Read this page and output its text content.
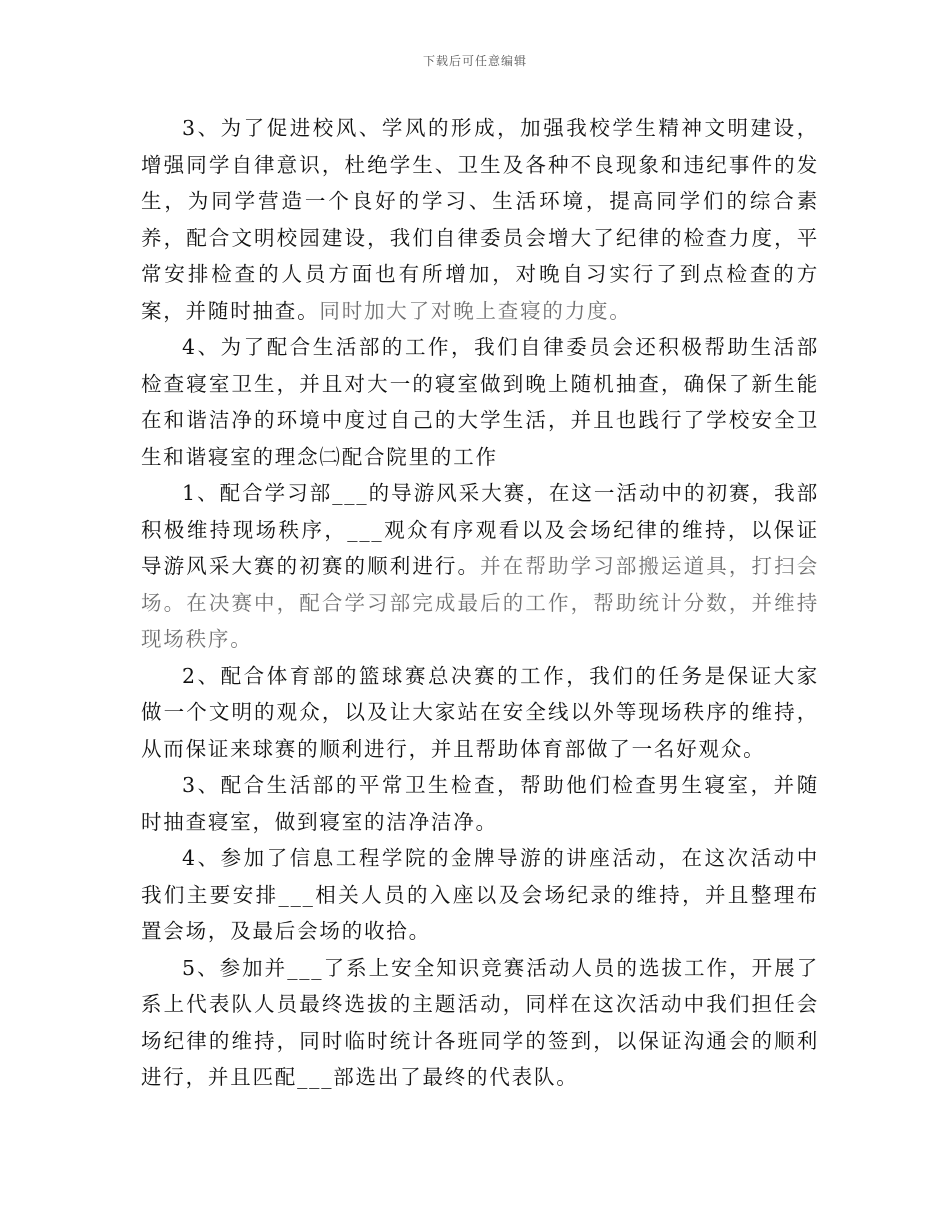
下载后可任意编辑

3、为了促进校风、学风的形成，加强我校学生精神文明建设，增强同学自律意识，杜绝学生、卫生及各种不良现象和违纪事件的发生，为同学营造一个良好的学习、生活环境，提高同学们的综合素养，配合文明校园建设，我们自律委员会增大了纪律的检查力度，平常安排检查的人员方面也有所增加，对晚自习实行了到点检查的方案，并随时抽查。同时加大了对晚上查寝的力度。

4、为了配合生活部的工作，我们自律委员会还积极帮助生活部检查寝室卫生，并且对大一的寝室做到晚上随机抽查，确保了新生能在和谐洁净的环境中度过自己的大学生活，并且也践行了学校安全卫生和谐寝室的理念㈡配合院里的工作

1、配合学习部___的导游风采大赛，在这一活动中的初赛，我部积极维持现场秩序，___观众有序观看以及会场纪律的维持，以保证导游风采大赛的初赛的顺利进行。并在帮助学习部搬运道具，打扫会场。在决赛中，配合学习部完成最后的工作，帮助统计分数，并维持现场秩序。

2、配合体育部的篮球赛总决赛的工作，我们的任务是保证大家做一个文明的观众，以及让大家站在安全线以外等现场秩序的维持，从而保证来球赛的顺利进行，并且帮助体育部做了一名好观众。

3、配合生活部的平常卫生检查，帮助他们检查男生寝室，并随时抽查寝室，做到寝室的洁净洁净。

4、参加了信息工程学院的金牌导游的讲座活动，在这次活动中我们主要安排___相关人员的入座以及会场纪录的维持，并且整理布置会场，及最后会场的收拾。

5、参加并___了系上安全知识竞赛活动人员的选拔工作，开展了系上代表队人员最终选拔的主题活动，同样在这次活动中我们担任会场纪律的维持，同时临时统计各班同学的签到，以保证沟通会的顺利进行，并且匹配___部选出了最终的代表队。
